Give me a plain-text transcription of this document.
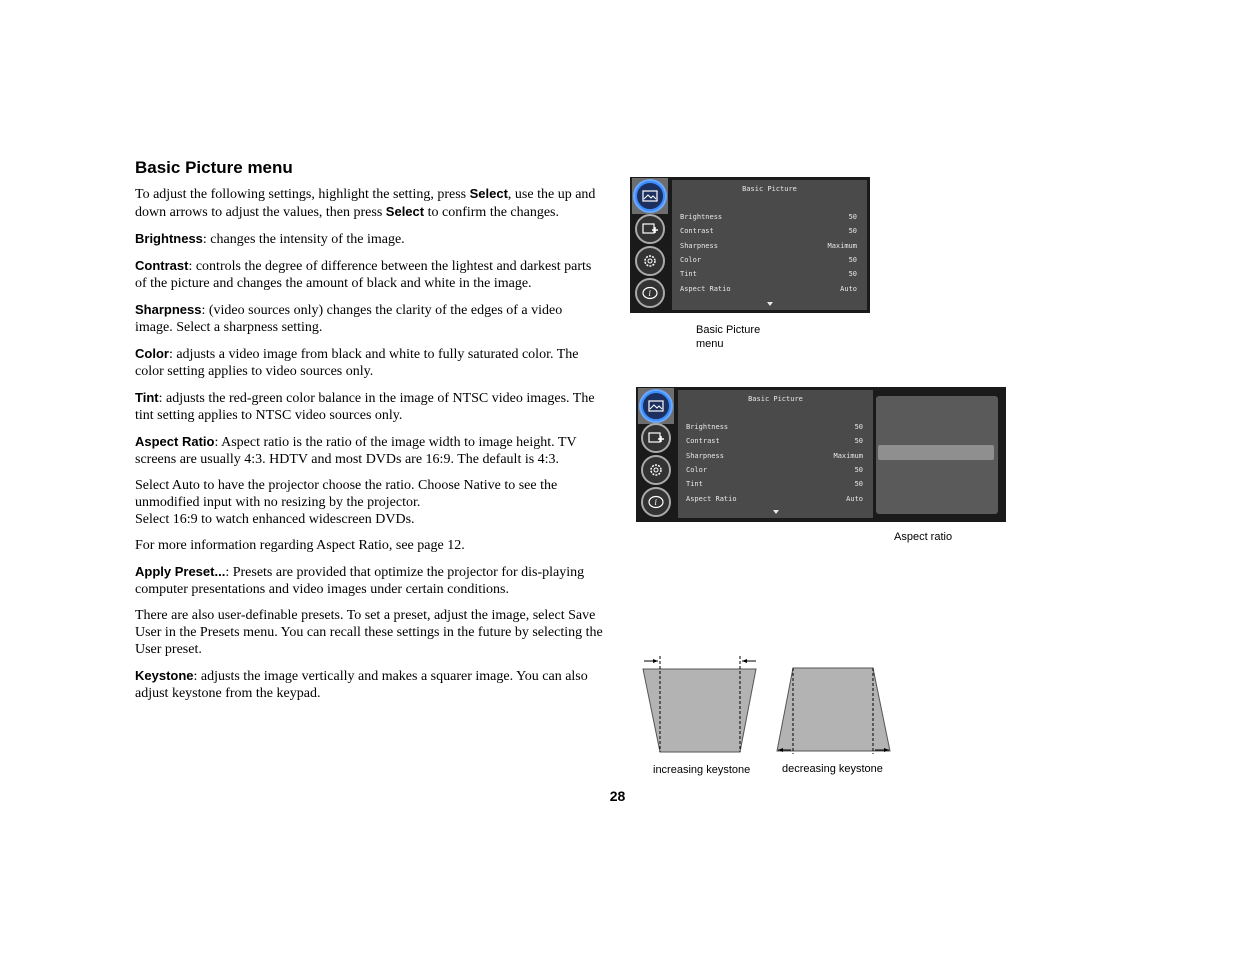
Basic Picture menu

To adjust the following settings, highlight the setting, press Select, use the up and down arrows to adjust the values, then press Select to confirm the changes.

Brightness: changes the intensity of the image.

Contrast: controls the degree of difference between the lightest and darkest parts of the picture and changes the amount of black and white in the image.

Sharpness: (video sources only) changes the clarity of the edges of a video image. Select a sharpness setting.

Color: adjusts a video image from black and white to fully saturated color. The color setting applies to video sources only.

Tint: adjusts the red-green color balance in the image of NTSC video images. The tint setting applies to NTSC video sources only.

Aspect Ratio: Aspect ratio is the ratio of the image width to image height. TV screens are usually 4:3. HDTV and most DVDs are 16:9. The default is 4:3.

Select Auto to have the projector choose the ratio. Choose Native to see the unmodified input with no resizing by the projector.
Select 16:9 to watch enhanced widescreen DVDs.

For more information regarding Aspect Ratio, see page 12.

Apply Preset...: Presets are provided that optimize the projector for dis-playing computer presentations and video images under certain conditions.

There are also user-definable presets. To set a preset, adjust the image, select Save User in the Presets menu. You can recall these settings in the future by selecting the User preset.

Keystone: adjusts the image vertically and makes a squarer image. You can also adjust keystone from the keypad.

i
Basic Picture
Brightness	50
Contrast	50
Sharpness	Maximum
Color	50
Tint	50
Aspect Ratio	Auto
Basic Picture
menu
i
Basic Picture
Brightness	50
Contrast	50
Sharpness	Maximum
Color	50
Tint	50
Aspect Ratio	Auto
Aspect ratio
increasing keystone	decreasing keystone
28
